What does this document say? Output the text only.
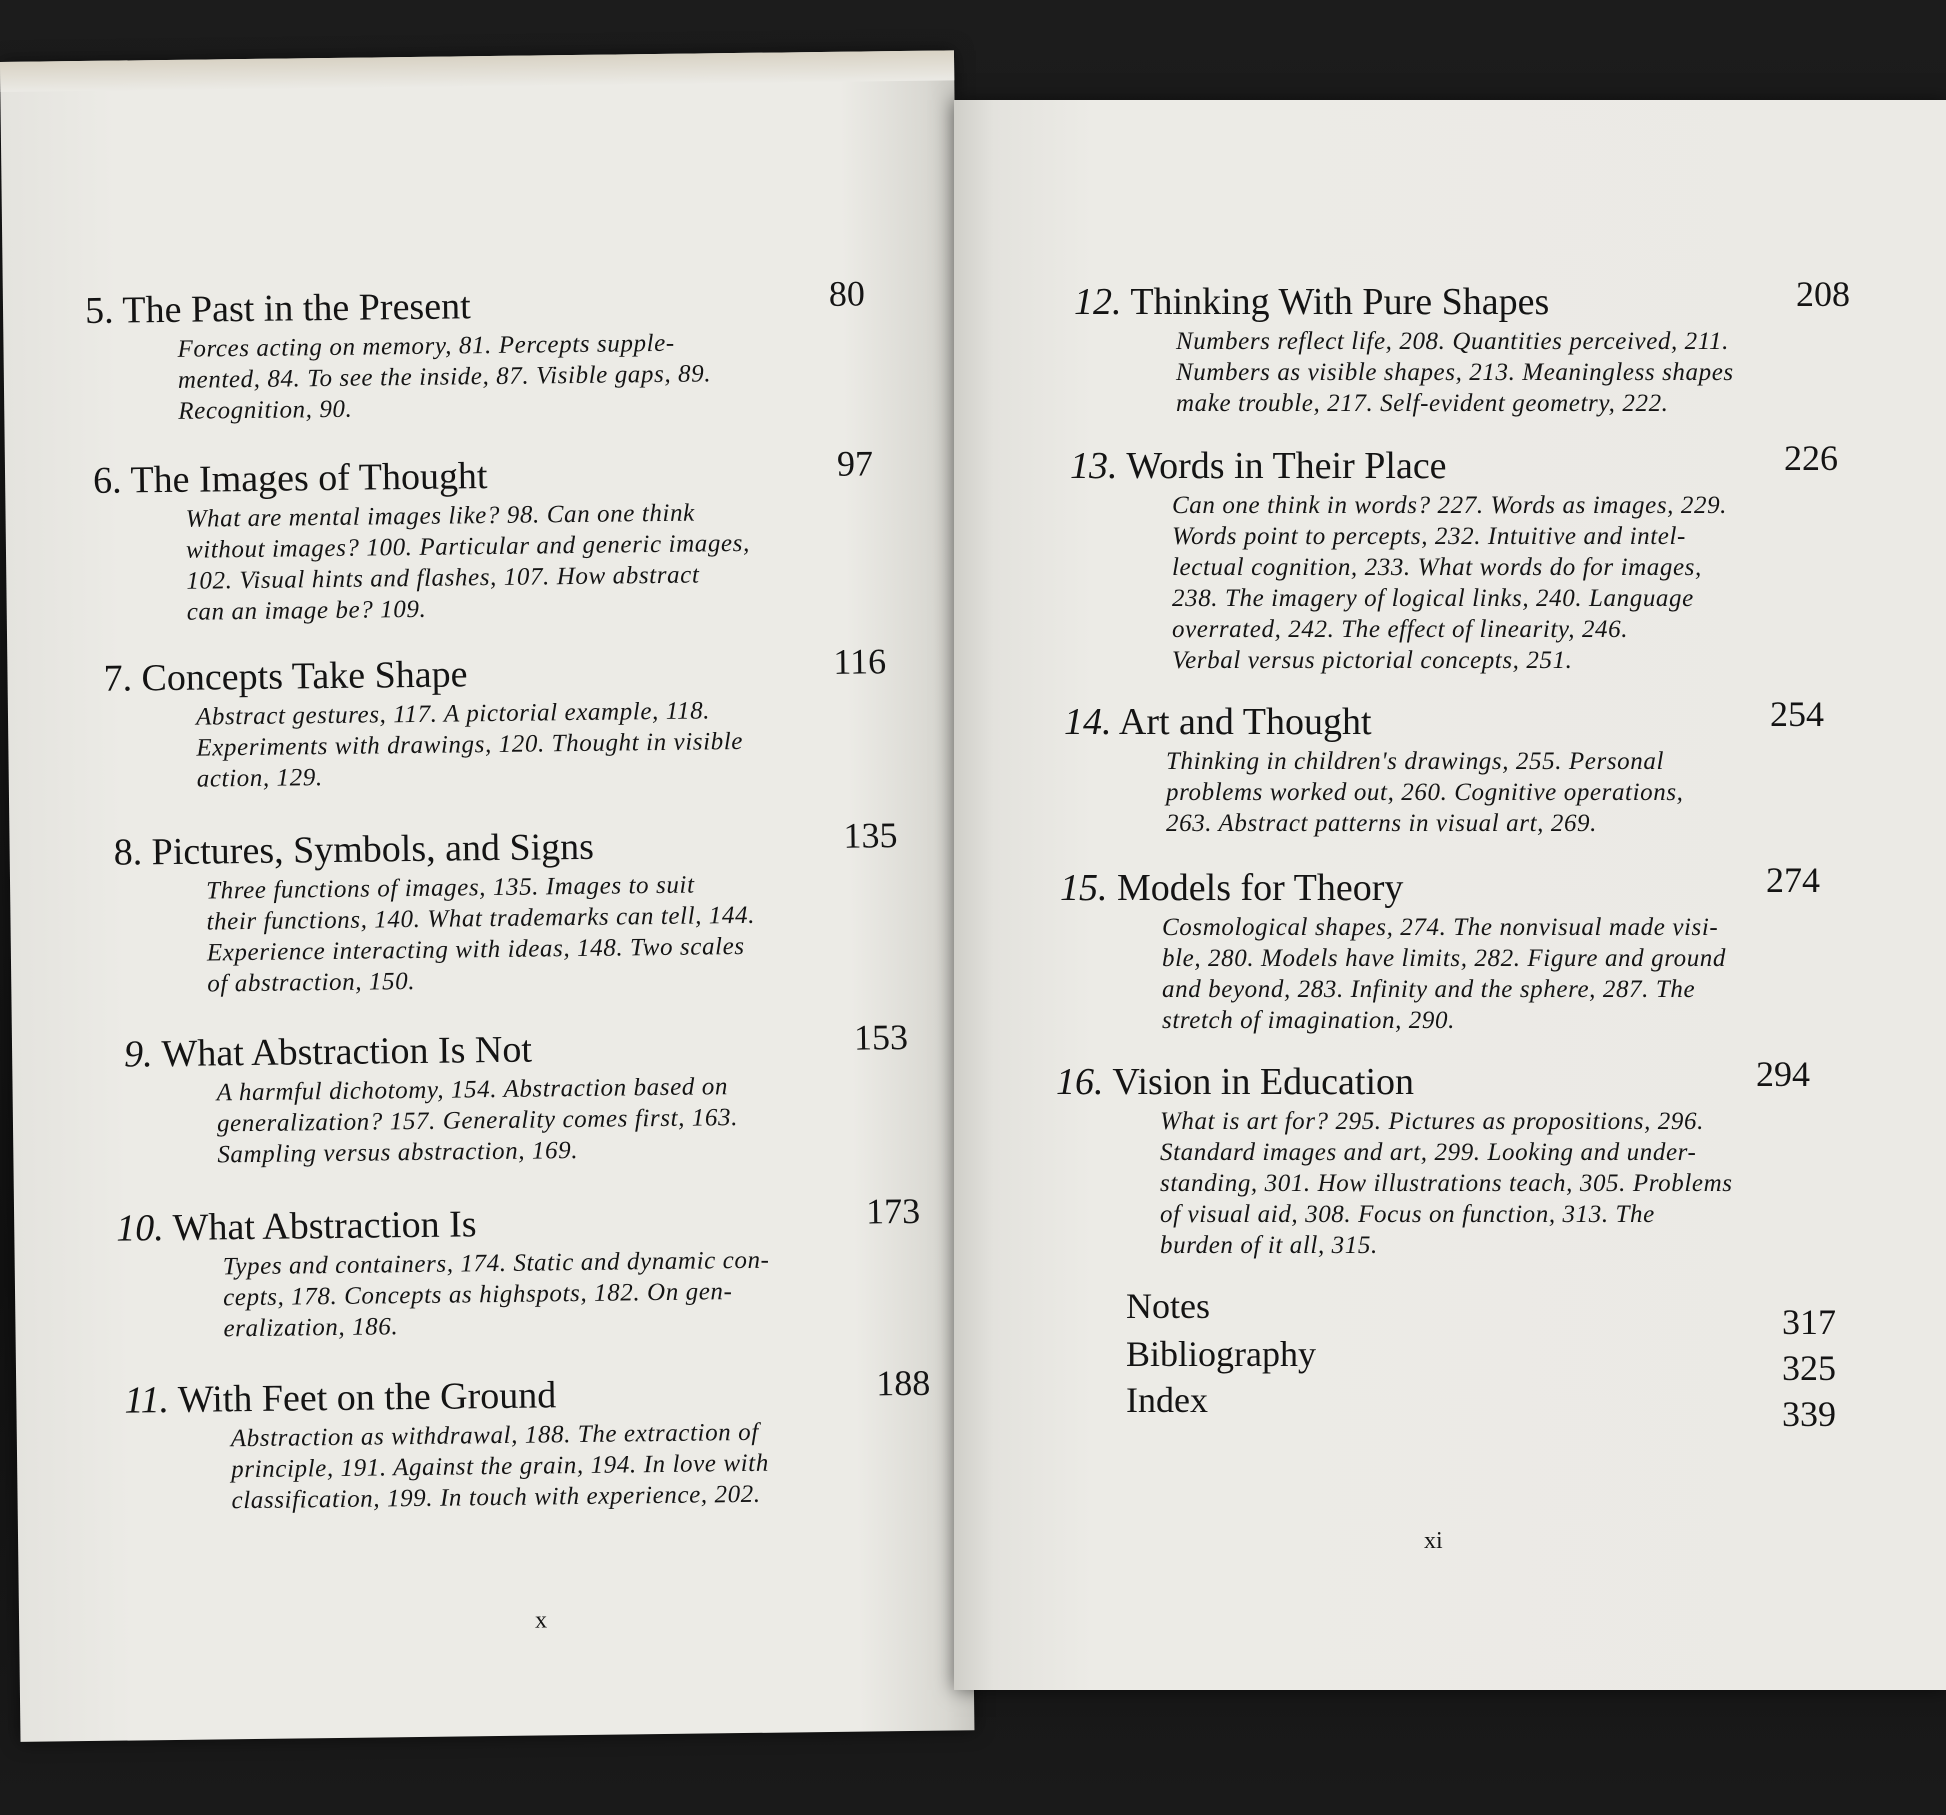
5. The Past in the Present	80
Forces acting on memory, 81. Percepts supple-
mented, 84. To see the inside, 87. Visible gaps, 89.
Recognition, 90.
6. The Images of Thought	97
What are mental images like? 98. Can one think
without images? 100. Particular and generic images,
102. Visual hints and flashes, 107. How abstract
can an image be? 109.
7. Concepts Take Shape	116
Abstract gestures, 117. A pictorial example, 118.
Experiments with drawings, 120. Thought in visible
action, 129.
8. Pictures, Symbols, and Signs	135
Three functions of images, 135. Images to suit
their functions, 140. What trademarks can tell, 144.
Experience interacting with ideas, 148. Two scales
of abstraction, 150.
9. What Abstraction Is Not	153
A harmful dichotomy, 154. Abstraction based on
generalization? 157. Generality comes first, 163.
Sampling versus abstraction, 169.
10. What Abstraction Is	173
Types and containers, 174. Static and dynamic con-
cepts, 178. Concepts as highspots, 182. On gen-
eralization, 186.
11. With Feet on the Ground	188
Abstraction as withdrawal, 188. The extraction of
principle, 191. Against the grain, 194. In love with
classification, 199. In touch with experience, 202.
x
12. Thinking With Pure Shapes	208
Numbers reflect life, 208. Quantities perceived, 211.
Numbers as visible shapes, 213. Meaningless shapes
make trouble, 217. Self-evident geometry, 222.
13. Words in Their Place	226
Can one think in words? 227. Words as images, 229.
Words point to percepts, 232. Intuitive and intel-
lectual cognition, 233. What words do for images,
238. The imagery of logical links, 240. Language
overrated, 242. The effect of linearity, 246.
Verbal versus pictorial concepts, 251.
14. Art and Thought	254
Thinking in children's drawings, 255. Personal
problems worked out, 260. Cognitive operations,
263. Abstract patterns in visual art, 269.
15. Models for Theory	274
Cosmological shapes, 274. The nonvisual made visi-
ble, 280. Models have limits, 282. Figure and ground
and beyond, 283. Infinity and the sphere, 287. The
stretch of imagination, 290.
16. Vision in Education	294
What is art for? 295. Pictures as propositions, 296.
Standard images and art, 299. Looking and under-
standing, 301. How illustrations teach, 305. Problems
of visual aid, 308. Focus on function, 313. The
burden of it all, 315.
Notes	317
Bibliography	325
Index	339
xi
